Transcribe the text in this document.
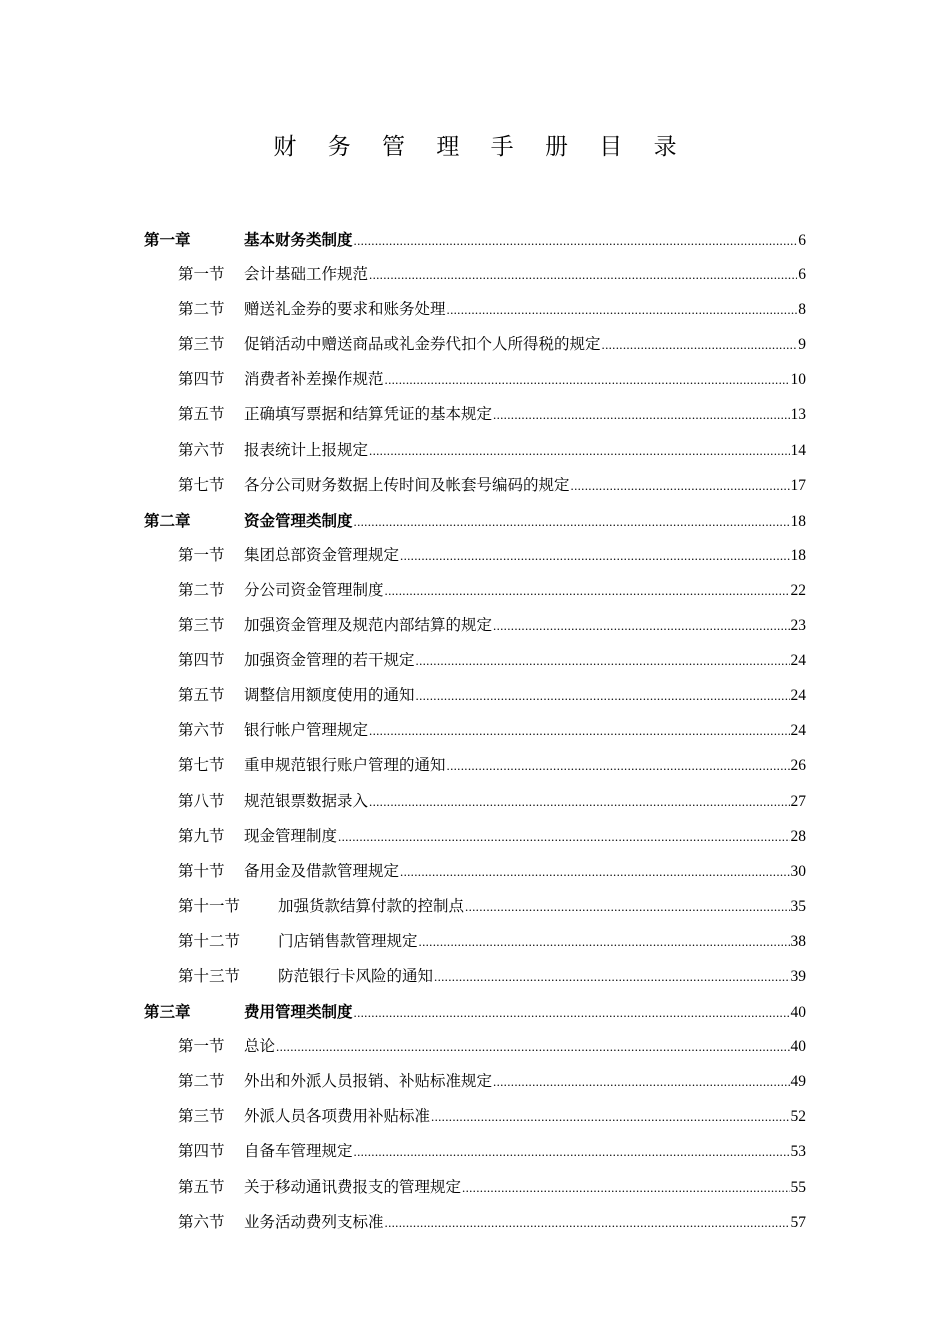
财 务 管 理 手 册 目 录
第一章	基本财务类制度 .....	6
第一节 会计基础工作规范 .....	6
第二节 赠送礼金券的要求和账务处理 .....	8
第三节 促销活动中赠送商品或礼金券代扣个人所得税的规定 .....	9
第四节 消费者补差操作规范 .....	10
第五节 正确填写票据和结算凭证的基本规定 .....	13
第六节 报表统计上报规定 .....	14
第七节 各分公司财务数据上传时间及帐套号编码的规定 .....	17
第二章	资金管理类制度 .....	18
第一节 集团总部资金管理规定 .....	18
第二节 分公司资金管理制度 .....	22
第三节 加强资金管理及规范内部结算的规定 .....	23
第四节 加强资金管理的若干规定 .....	24
第五节 调整信用额度使用的通知 .....	24
第六节 银行帐户管理规定 .....	24
第七节 重申规范银行账户管理的通知 .....	26
第八节 规范银票数据录入 .....	27
第九节 现金管理制度 .....	28
第十节 备用金及借款管理规定 .....	30
第十一节 加强货款结算付款的控制点 .....	35
第十二节 门店销售款管理规定 .....	38
第十三节 防范银行卡风险的通知 .....	39
第三章	费用管理类制度 .....	40
第一节 总论 .....	40
第二节 外出和外派人员报销、补贴标准规定 .....	49
第三节 外派人员各项费用补贴标准 .....	52
第四节 自备车管理规定 .....	53
第五节 关于移动通讯费报支的管理规定 .....	55
第六节 业务活动费列支标准 .....	57
